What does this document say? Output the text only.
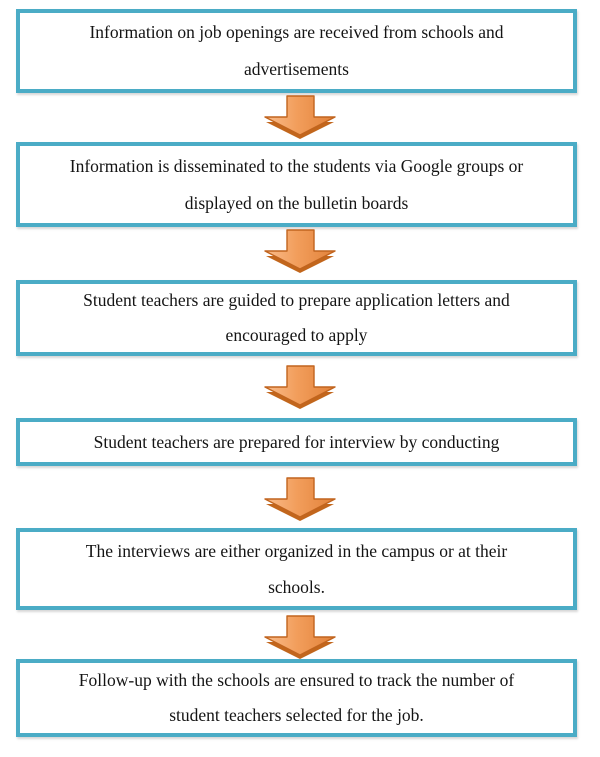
Information on job openings are received from schools and
advertisements
Information is disseminated to the students via Google groups or
displayed on the bulletin boards
Student teachers are guided to prepare application letters and
encouraged to apply
Student teachers are prepared for interview by conducting
The interviews are either organized in the campus or at their
schools.
Follow-up with the schools are ensured to track the number of
student teachers selected for the job.
